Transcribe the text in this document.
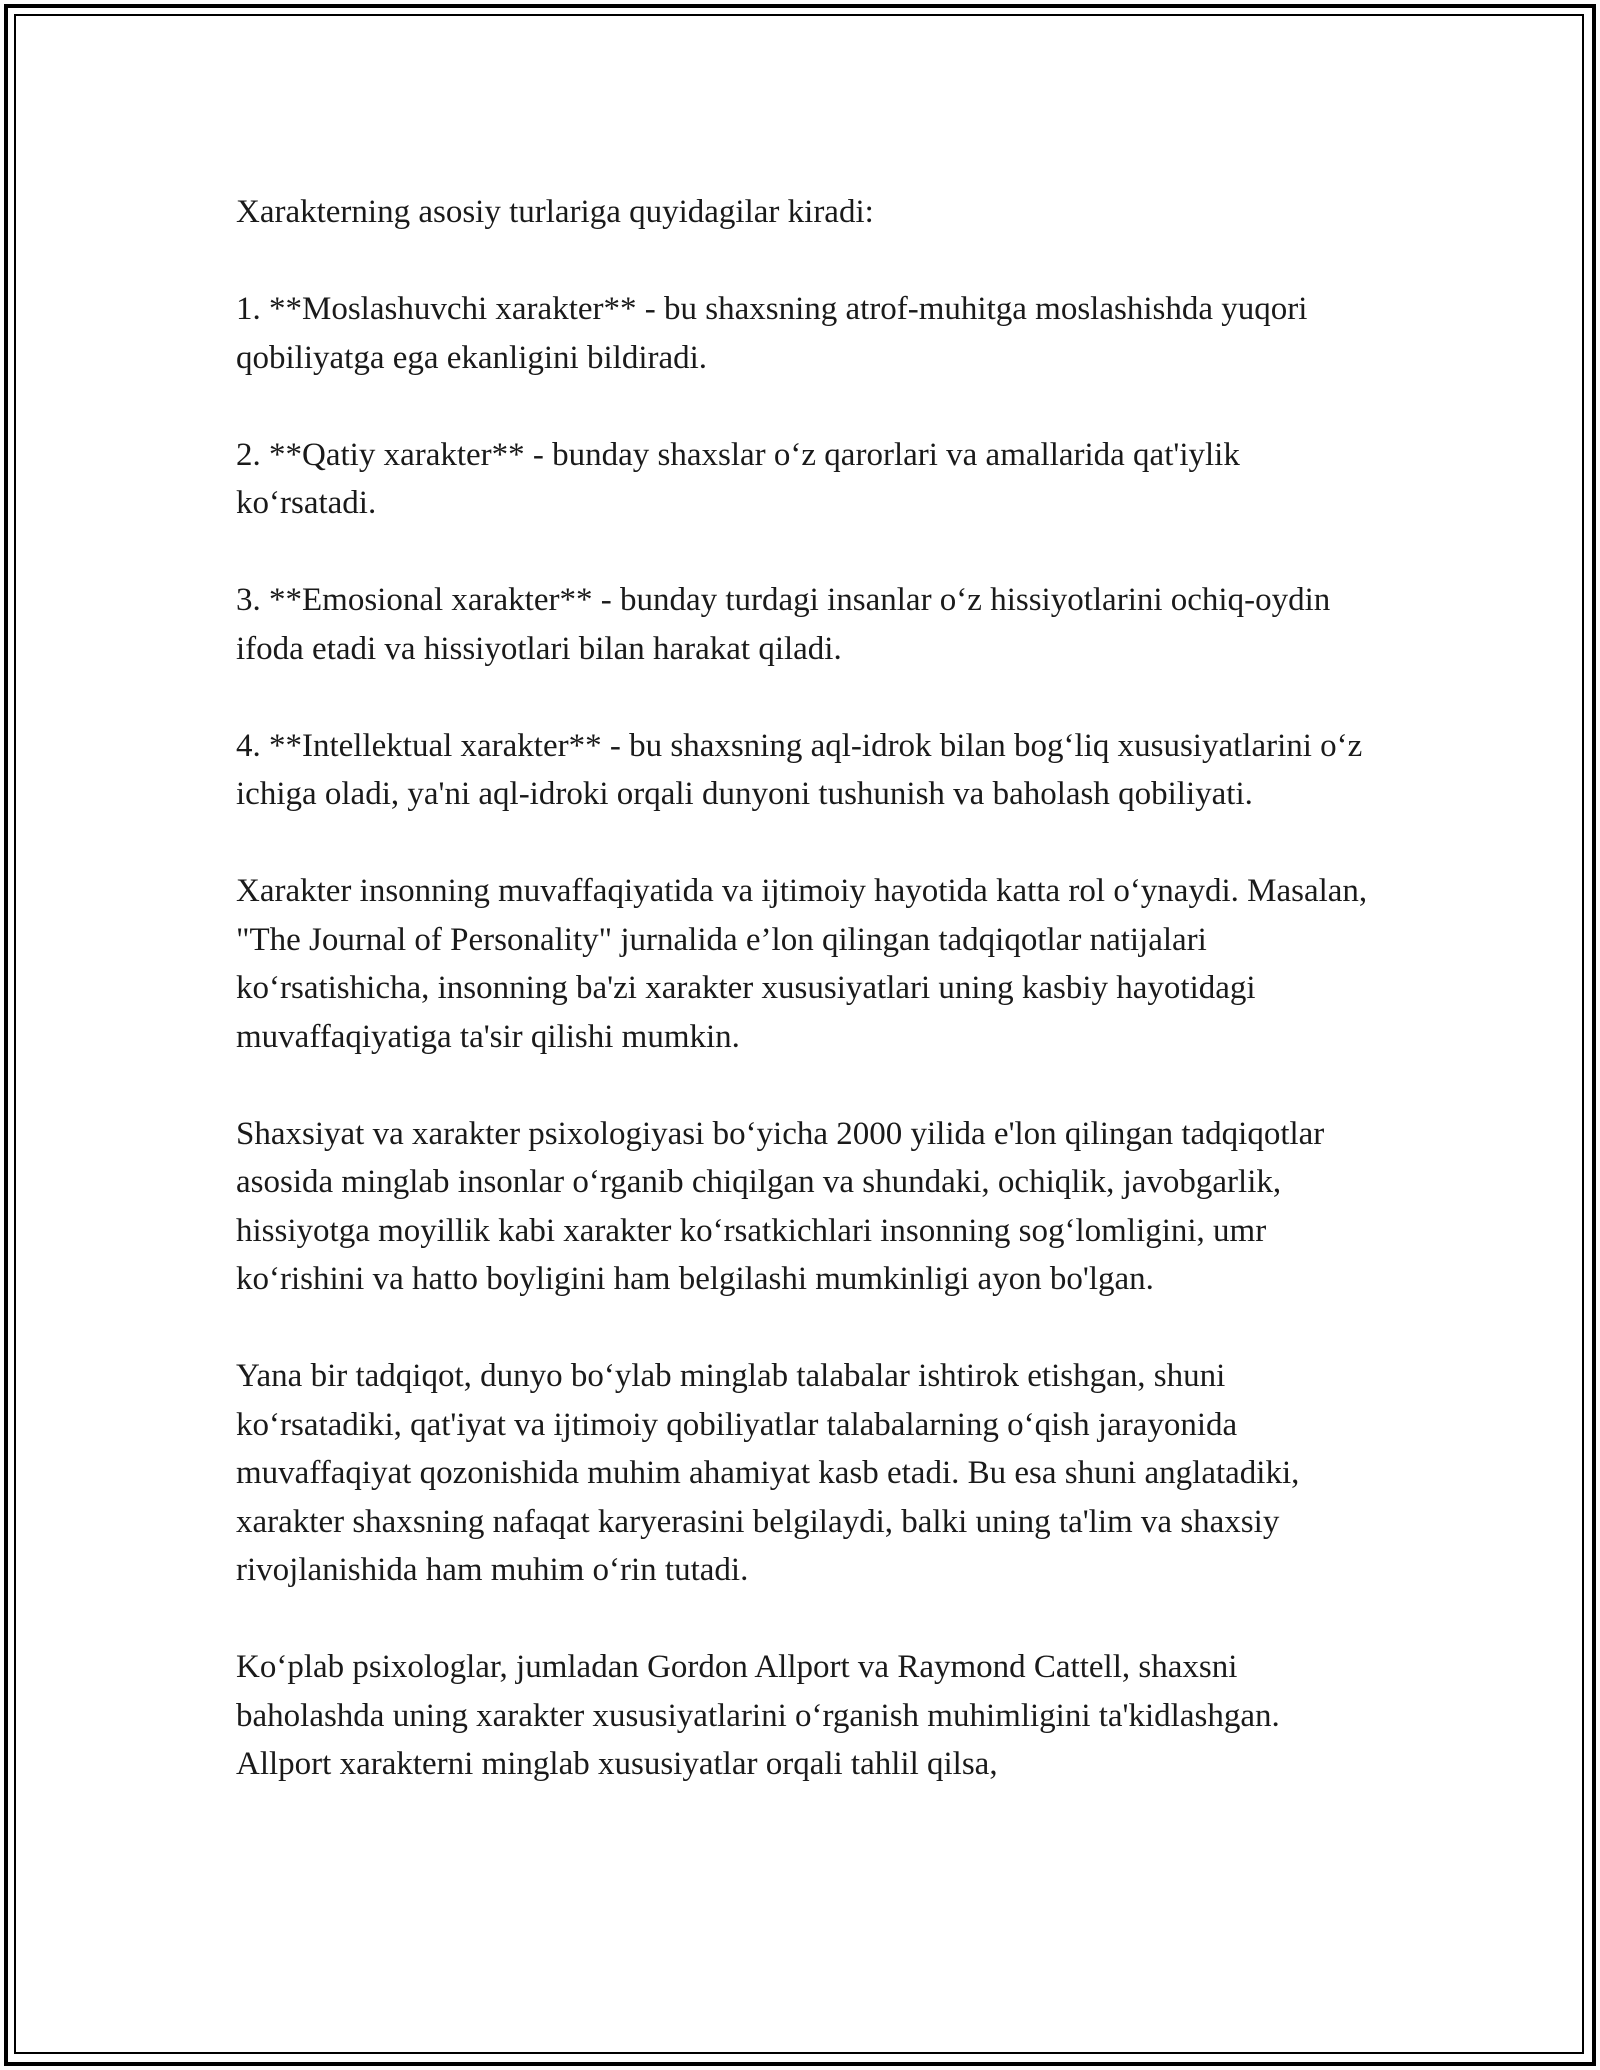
Xarakterning asosiy turlariga quyidagilar kiradi:

1. **Moslashuvchi xarakter** - bu shaxsning atrof-muhitga moslashishda yuqori qobiliyatga ega ekanligini bildiradi.

2. **Qatiy xarakter** - bunday shaxslar o‘z qarorlari va amallarida qat'iylik ko‘rsatadi.

3. **Emosional xarakter** - bunday turdagi insanlar o‘z hissiyotlarini ochiq-oydin ifoda etadi va hissiyotlari bilan harakat qiladi.

4. **Intellektual xarakter** - bu shaxsning aql-idrok bilan bog‘liq xususiyatlarini o‘z ichiga oladi, ya'ni aql-idroki orqali dunyoni tushunish va baholash qobiliyati.

Xarakter insonning muvaffaqiyatida va ijtimoiy hayotida katta rol o‘ynaydi. Masalan, "The Journal of Personality" jurnalida e’lon qilingan tadqiqotlar natijalari ko‘rsatishicha, insonning ba'zi xarakter xususiyatlari uning kasbiy hayotidagi muvaffaqiyatiga ta'sir qilishi mumkin.

Shaxsiyat va xarakter psixologiyasi bo‘yicha 2000 yilida e'lon qilingan tadqiqotlar asosida minglab insonlar o‘rganib chiqilgan va shundaki, ochiqlik, javobgarlik, hissiyotga moyillik kabi xarakter ko‘rsatkichlari insonning sog‘lomligini, umr ko‘rishini va hatto boyligini ham belgilashi mumkinligi ayon bo'lgan.

Yana bir tadqiqot, dunyo bo‘ylab minglab talabalar ishtirok etishgan, shuni ko‘rsatadiki, qat'iyat va ijtimoiy qobiliyatlar talabalarning o‘qish jarayonida muvaffaqiyat qozonishida muhim ahamiyat kasb etadi. Bu esa shuni anglatadiki, xarakter shaxsning nafaqat karyerasini belgilaydi, balki uning ta'lim va shaxsiy rivojlanishida ham muhim o‘rin tutadi.

Ko‘plab psixologlar, jumladan Gordon Allport va Raymond Cattell, shaxsni baholashda uning xarakter xususiyatlarini o‘rganish muhimligini ta'kidlashgan. Allport xarakterni minglab xususiyatlar orqali tahlil qilsa,
